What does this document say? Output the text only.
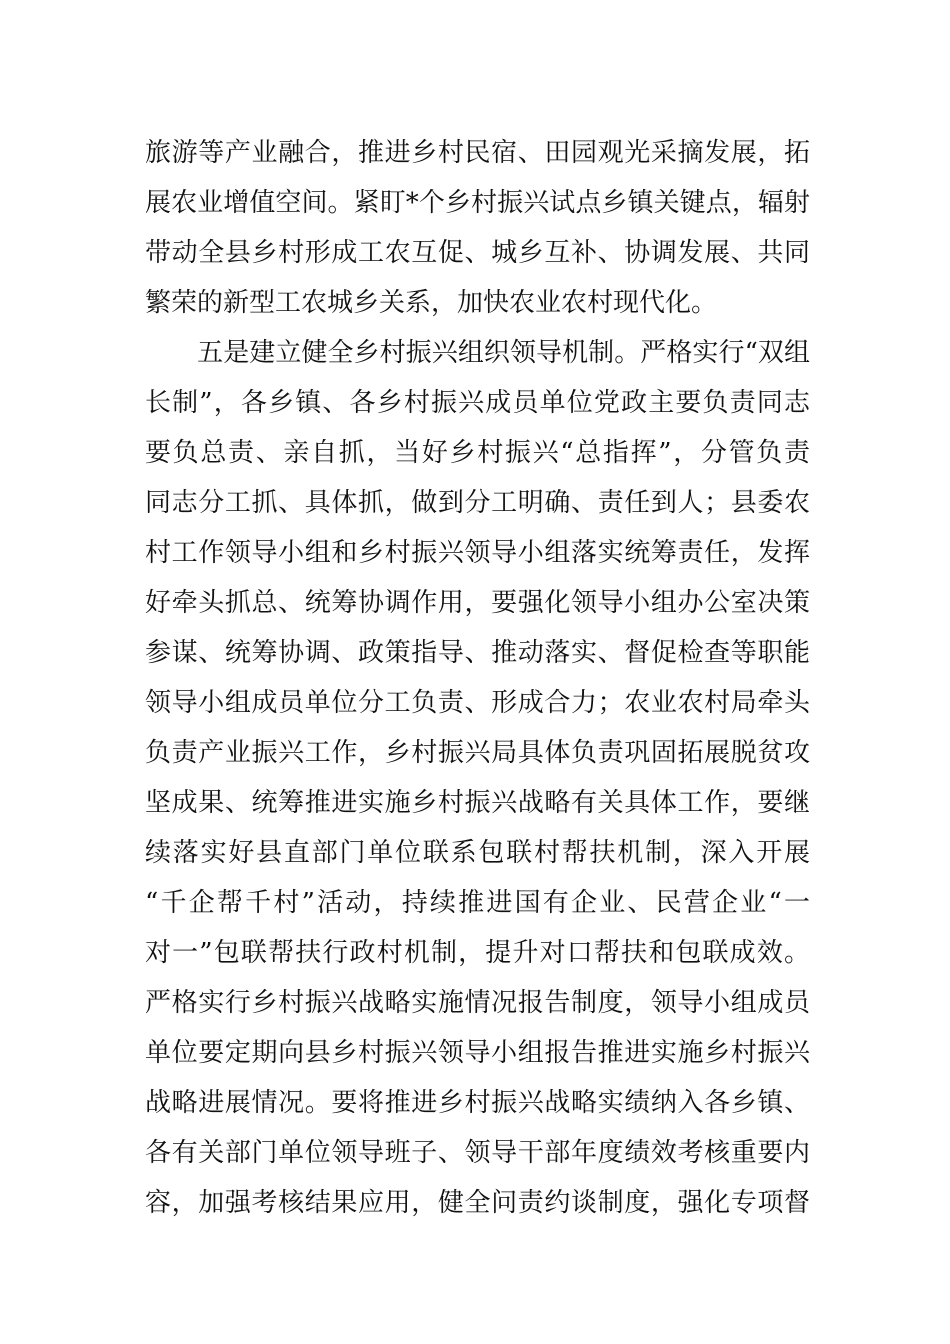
旅游等产业融合，推进乡村民宿、田园观光采摘发展，拓
展农业增值空间。紧盯*个乡村振兴试点乡镇关键点，辐射
带动全县乡村形成工农互促、城乡互补、协调发展、共同
繁荣的新型工农城乡关系，加快农业农村现代化。
　　五是建立健全乡村振兴组织领导机制。严格实行“双组
长制”，各乡镇、各乡村振兴成员单位党政主要负责同志
要负总责、亲自抓，当好乡村振兴“总指挥”，分管负责
同志分工抓、具体抓，做到分工明确、责任到人；县委农
村工作领导小组和乡村振兴领导小组落实统筹责任，发挥
好牵头抓总、统筹协调作用，要强化领导小组办公室决策
参谋、统筹协调、政策指导、推动落实、督促检查等职能
领导小组成员单位分工负责、形成合力；农业农村局牵头
负责产业振兴工作，乡村振兴局具体负责巩固拓展脱贫攻
坚成果、统筹推进实施乡村振兴战略有关具体工作，要继
续落实好县直部门单位联系包联村帮扶机制，深入开展
“千企帮千村”活动，持续推进国有企业、民营企业“一
对一”包联帮扶行政村机制，提升对口帮扶和包联成效。
严格实行乡村振兴战略实施情况报告制度，领导小组成员
单位要定期向县乡村振兴领导小组报告推进实施乡村振兴
战略进展情况。要将推进乡村振兴战略实绩纳入各乡镇、
各有关部门单位领导班子、领导干部年度绩效考核重要内
容，加强考核结果应用，健全问责约谈制度，强化专项督
